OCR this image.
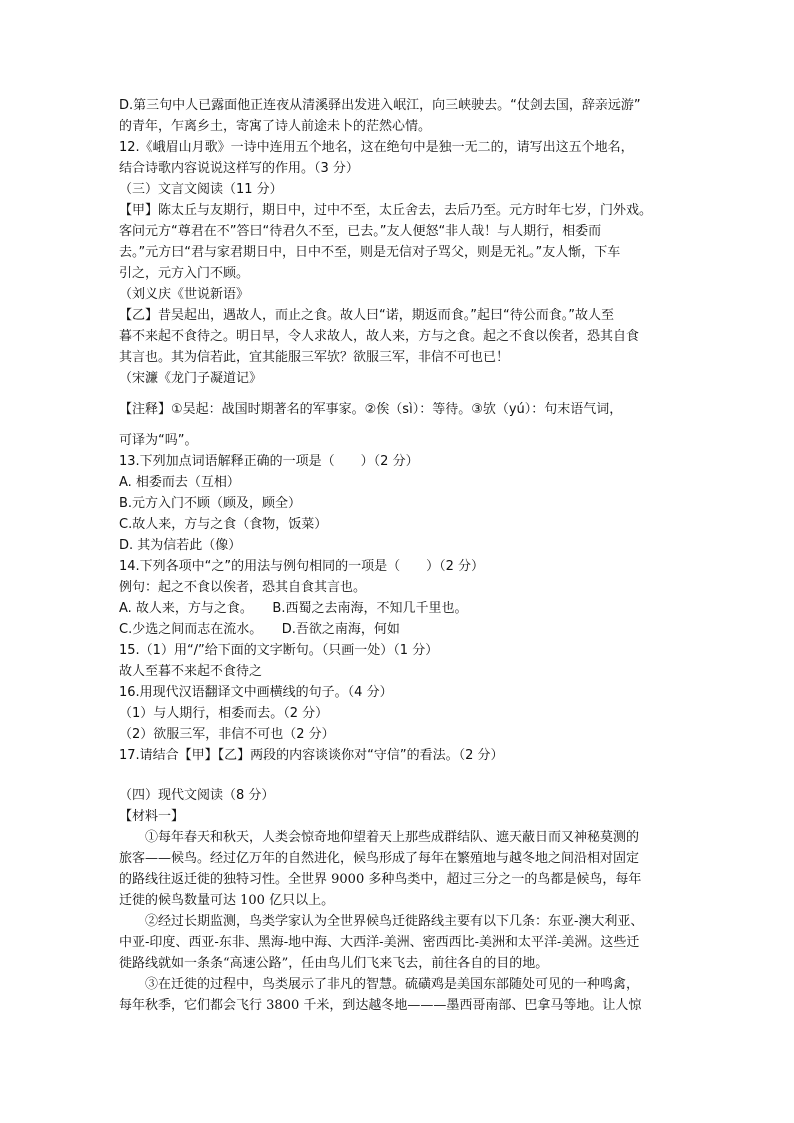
D.第三句中人已露面他正连夜从清溪驿出发进入岷江，向三峡驶去。“仗剑去国，辞亲远游”
的青年，乍离乡土，寄寓了诗人前途未卜的茫然心情。
12.《峨眉山月歌》一诗中连用五个地名，这在绝句中是独一无二的，请写出这五个地名，
结合诗歌内容说说这样写的作用。（3 分）
（三）文言文阅读（11 分）
【甲】陈太丘与友期行，期日中，过中不至，太丘舍去，去后乃至。元方时年七岁，门外戏。
客问元方“尊君在不”答曰“待君久不至，已去。”友人便怒“非人哉！与人期行，相委而
去。”元方曰“君与家君期日中，日中不至，则是无信对子骂父，则是无礼。”友人惭，下车
引之，元方入门不顾。
（刘义庆《世说新语》
【乙】昔吴起出，遇故人，而止之食。故人曰“诺，期返而食。”起曰“待公而食。”故人至
暮不来起不食待之。明日早，令人求故人，故人来，方与之食。起之不食以俟者，恐其自食
其言也。其为信若此，宜其能服三军欤？欲服三军，非信不可也已！
（宋濂《龙门子凝道记》
【注释】①吴起：战国时期著名的军事家。②俟（sì）：等待。③欤（yú）：句末语气词，
可译为“吗”。
13.下列加点词语解释正确的一项是（　　）（2 分）
A. 相委而去（互相）
B.元方入门不顾（顾及，顾全）
C.故人来，方与之食（食物，饭菜）
D. 其为信若此（像）
14.下列各项中“之”的用法与例句相同的一项是（　　）（2 分）
例句：起之不食以俟者，恐其自食其言也。
A. 故人来，方与之食。　　B.西蜀之去南海，不知几千里也。
C.少选之间而志在流水。　　D.吾欲之南海，何如
15.（1）用“/”给下面的文字断句。（只画一处）（1 分）
故人至暮不来起不食待之
16.用现代汉语翻译文中画横线的句子。（4 分）
（1）与人期行，相委而去。（2 分）
（2）欲服三军，非信不可也（2 分）
17.请结合【甲】【乙】两段的内容谈谈你对“守信”的看法。（2 分）
（四）现代文阅读（8 分）
【材料一】
①每年春天和秋天，人类会惊奇地仰望着天上那些成群结队、遮天蔽日而又神秘莫测的
旅客——候鸟。经过亿万年的自然进化，候鸟形成了每年在繁殖地与越冬地之间沿相对固定
的路线往返迁徙的独特习性。全世界 9000 多种鸟类中，超过三分之一的鸟都是候鸟，每年
迁徙的候鸟数量可达 100 亿只以上。
②经过长期监测，鸟类学家认为全世界候鸟迁徙路线主要有以下几条：东亚-澳大利亚、
中亚-印度、西亚-东非、黑海-地中海、大西洋-美洲、密西西比-美洲和太平洋-美洲。这些迁
徙路线就如一条条“高速公路”，任由鸟儿们飞来飞去，前往各自的目的地。
③在迁徙的过程中，鸟类展示了非凡的智慧。硫磺鸡是美国东部随处可见的一种鸣禽，
每年秋季，它们都会飞行 3800 千米，到达越冬地———墨西哥南部、巴拿马等地。让人惊
